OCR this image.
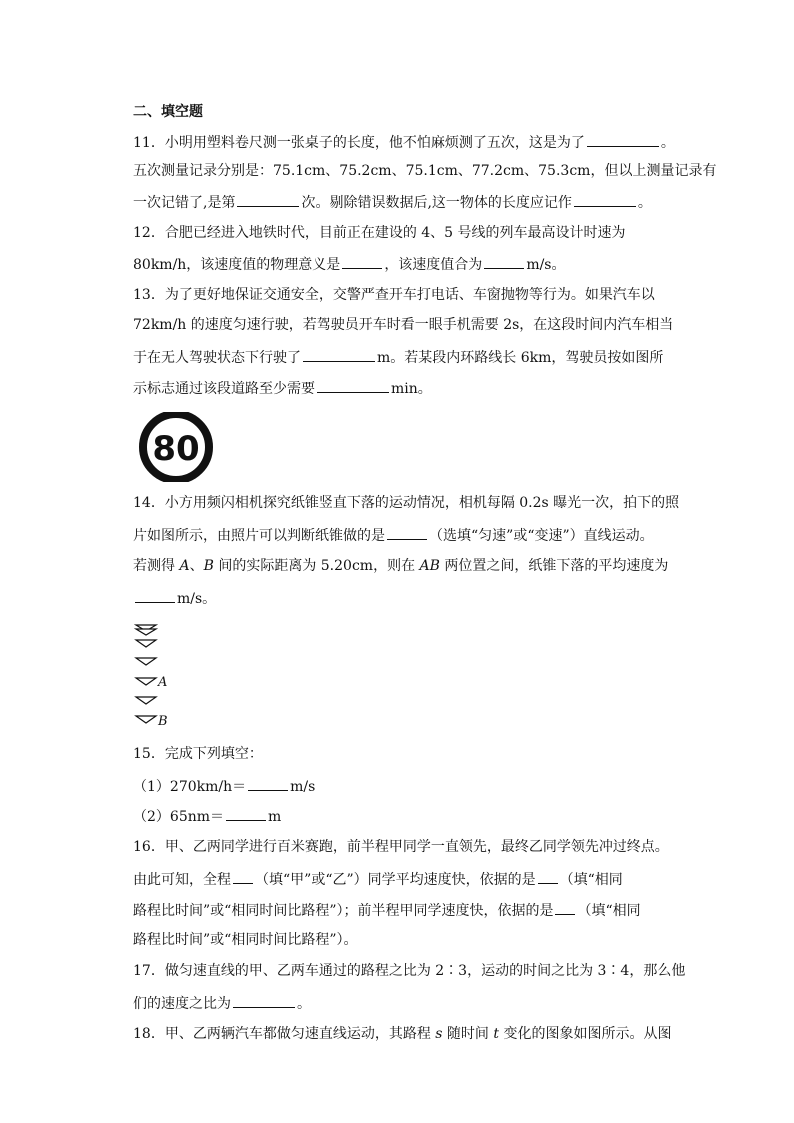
二、填空题
11．小明用塑料卷尺测一张桌子的长度，他不怕麻烦测了五次，这是为了	。
五次测量记录分别是：75.1cm、75.2cm、75.1cm、77.2cm、75.3cm，但以上测量记录有
一次记错了,是第	次。剔除错误数据后,这一物体的长度应记作	。
12．合肥已经进入地铁时代，目前正在建设的 4、5 号线的列车最高设计时速为
80km/h，该速度值的物理意义是	，该速度值合为	m/s。
13．为了更好地保证交通安全，交警严查开车打电话、车窗抛物等行为。如果汽车以
72km/h 的速度匀速行驶，若驾驶员开车时看一眼手机需要 2s，在这段时间内汽车相当
于在无人驾驶状态下行驶了	m。若某段内环路线长 6km，驾驶员按如图所
示标志通过该段道路至少需要	min。
80
14．小方用频闪相机探究纸锥竖直下落的运动情况，相机每隔 0.2s 曝光一次，拍下的照
片如图所示，由照片可以判断纸锥做的是	（选填“匀速”或“变速”）直线运动。
若测得 A、B 间的实际距离为 5.20cm，则在 AB 两位置之间，纸锥下落的平均速度为
m/s。
A
B
15．完成下列填空：
（1）270km/h＝	m/s
（2）65nm＝	m
16．甲、乙两同学进行百米赛跑，前半程甲同学一直领先，最终乙同学领先冲过终点。
由此可知，全程 （填“甲”或“乙”）同学平均速度快，依据的是 （填“相同
路程比时间”或“相同时间比路程”）；前半程甲同学速度快，依据的是 （填“相同
路程比时间”或“相同时间比路程”）。
17．做匀速直线的甲、乙两车通过的路程之比为 2∶3，运动的时间之比为 3∶4，那么他
们的速度之比为	。
18．甲、乙两辆汽车都做匀速直线运动，其路程 s 随时间 t 变化的图象如图所示。从图
